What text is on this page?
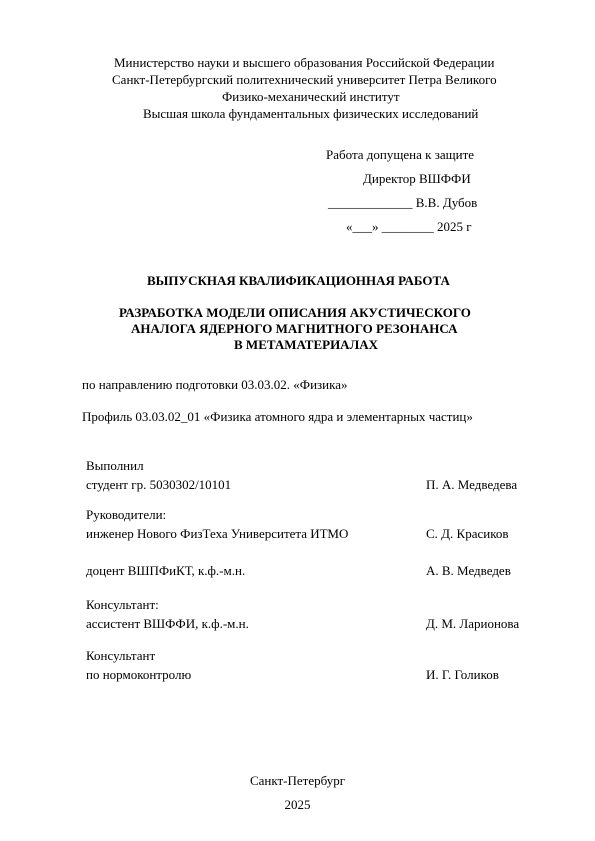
Министерство науки и высшего образования Российской Федерации
Санкт-Петербургский политехнический университет Петра Великого
Физико-механический институт
Высшая школа фундаментальных физических исследований
Работа допущена к защите
Директор ВШФФИ
_____________ В.В. Дубов
«___» ________ 2025 г
ВЫПУСКНАЯ КВАЛИФИКАЦИОННАЯ РАБОТА
РАЗРАБОТКА МОДЕЛИ ОПИСАНИЯ АКУСТИЧЕСКОГО
АНАЛОГА ЯДЕРНОГО МАГНИТНОГО РЕЗОНАНСА
В МЕТАМАТЕРИАЛАХ
по направлению подготовки 03.03.02. «Физика»
Профиль 03.03.02_01 «Физика атомного ядра и элементарных частиц»
Выполнил
студент гр. 5030302/10101	П. А. Медведева
Руководители:
инженер Нового ФизТеха Университета ИТМО	С. Д. Красиков
доцент ВШПФиКТ, к.ф.-м.н.	А. В. Медведев
Консультант:
ассистент ВШФФИ, к.ф.-м.н.	Д. М. Ларионова
Консультант
по нормоконтролю	И. Г. Голиков
Санкт-Петербург
2025
